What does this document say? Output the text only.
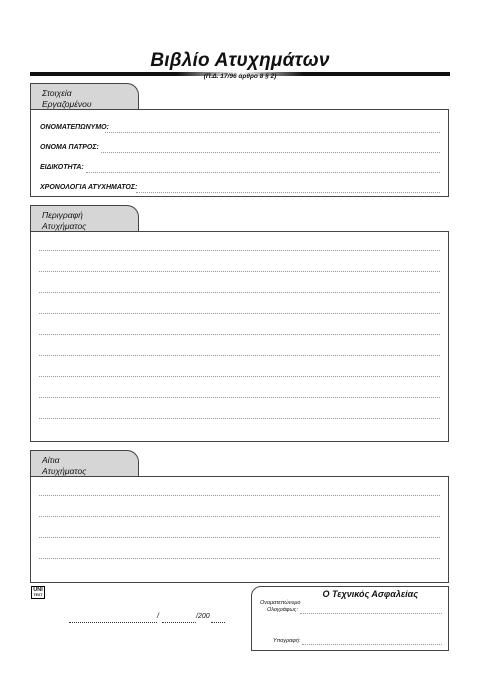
Βιβλίο Ατυχημάτων
(Π.Δ. 17/96 άρθρο 8 § 2)
Στοιχεία
Εργαζομένου
ΟΝΟΜΑΤΕΠΩΝΥΜΟ:
ΟΝΟΜΑ ΠΑΤΡΟΣ:
ΕΙΔΙΚΟΤΗΤΑ:
ΧΡΟΝΟΛΟΓΙΑ ΑΤΥΧΗΜΑΤΟΣ:
Περιγραφή
Ατυχήματος
Αίτια
Ατυχήματος
UNI
TEXT
/	/200
Ο Τεχνικός Ασφαλείας
Ονοματεπώνυμο
Ολογράφως:
Υπογραφή:
